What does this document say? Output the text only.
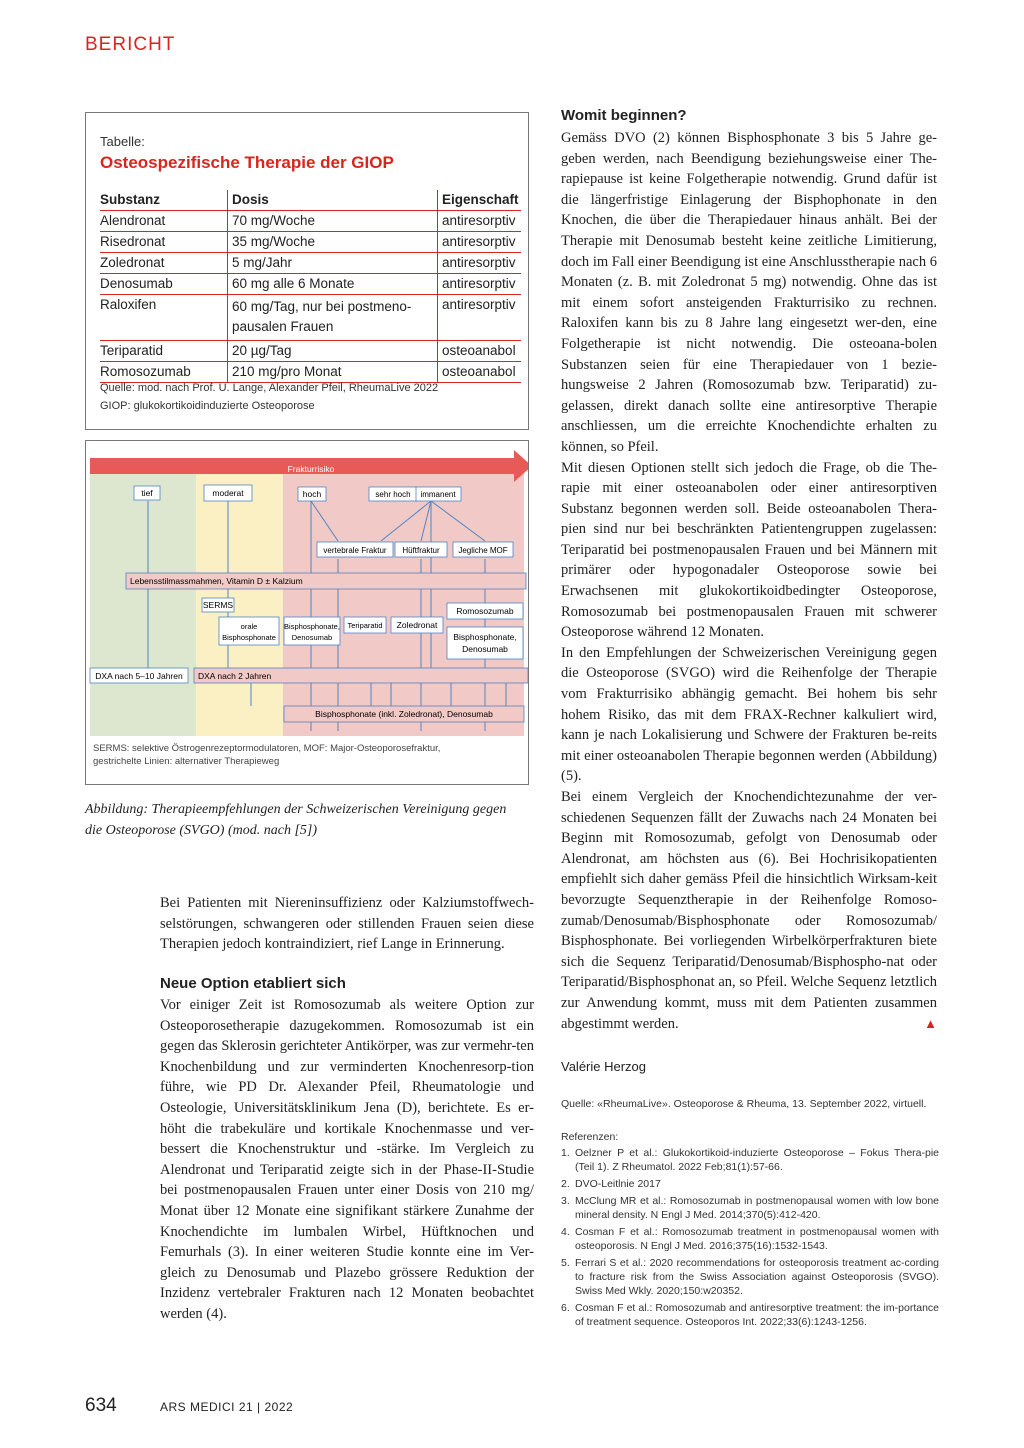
BERICHT
Tabelle:
Osteospezifische Therapie der GIOP
Substanz	Dosis	Eigenschaft
Alendronat	70 mg/Woche	antiresorptiv
Risedronat	35 mg/Woche	antiresorptiv
Zoledronat	5 mg/Jahr	antiresorptiv
Denosumab	60 mg alle 6 Monate	antiresorptiv
Raloxifen	60 mg/Tag, nur bei postmeno-pausalen Frauen	antiresorptiv
Teriparatid	20 µg/Tag	osteoanabol
Romosozumab	210 mg/pro Monat	osteoanabol
Quelle: mod. nach Prof. U. Lange, Alexander Pfeil, RheumaLive 2022
GIOP: glukokortikoidinduzierte Osteoporose
Frakturrisiko
tief	moderat	hoch	sehr hoch immanent
vertebrale Fraktur Hüftfraktur Jegliche MOF
Lebensstilmassmahmen, Vitamin D ± Kalzium
SERMS
orale
Bisphosphonate
Bisphosphonate,
Denosumab
Teriparatid Zoledronat
Romosozumab
Bisphosphonate,
Denosumab
DXA nach 5–10 Jahren DXA nach 2 Jahren
Bisphosphonate (inkl. Zoledronat), Denosumab
SERMS: selektive Östrogenrezeptormodulatoren, MOF: Major-Osteoporosefraktur,
gestrichelte Linien: alternativer Therapieweg
Abbildung: Therapieempfehlungen der Schweizerischen Vereinigung gegen die Osteoporose (SVGO) (mod. nach [5])
Bei Patienten mit Niereninsuffizienz oder Kalziumstoffwech-selstörungen, schwangeren oder stillenden Frauen seien diese Therapien jedoch kontraindiziert, rief Lange in Erinnerung.
Neue Option etabliert sich
Vor einiger Zeit ist Romosozumab als weitere Option zur Osteoporosetherapie dazugekommen. Romosozumab ist ein gegen das Sklerosin gerichteter Antikörper, was zur vermehr-ten Knochenbildung und zur verminderten Knochenresorp-tion führe, wie PD Dr. Alexander Pfeil, Rheumatologie und Osteologie, Universitätsklinikum Jena (D), berichtete. Es er-höht die trabekuläre und kortikale Knochenmasse und ver-bessert die Knochenstruktur und -stärke. Im Vergleich zu Alendronat und Teriparatid zeigte sich in der Phase-II-Studie bei postmenopausalen Frauen unter einer Dosis von 210 mg/ Monat über 12 Monate eine signifikant stärkere Zunahme der Knochendichte im lumbalen Wirbel, Hüftknochen und Femurhals (3). In einer weiteren Studie konnte eine im Ver-gleich zu Denosumab und Plazebo grössere Reduktion der Inzidenz vertebraler Frakturen nach 12 Monaten beobachtet werden (4).
Womit beginnen?

Gemäss DVO (2) können Bisphosphonate 3 bis 5 Jahre ge-geben werden, nach Beendigung beziehungsweise einer The-rapiepause ist keine Folgetherapie notwendig. Grund dafür ist die längerfristige Einlagerung der Bisphophonate in den Knochen, die über die Therapiedauer hinaus anhält. Bei der Therapie mit Denosumab besteht keine zeitliche Limitierung, doch im Fall einer Beendigung ist eine Anschlusstherapie nach 6 Monaten (z. B. mit Zoledronat 5 mg) notwendig. Ohne das ist mit einem sofort ansteigenden Frakturrisiko zu rechnen. Raloxifen kann bis zu 8 Jahre lang eingesetzt wer-den, eine Folgetherapie ist nicht notwendig. Die osteoana-bolen Substanzen seien für eine Therapiedauer von 1 bezie-hungsweise 2 Jahren (Romosozumab bzw. Teriparatid) zu-gelassen, direkt danach sollte eine antiresorptive Therapie anschliessen, um die erreichte Knochendichte erhalten zu können, so Pfeil.

Mit diesen Optionen stellt sich jedoch die Frage, ob die The-rapie mit einer osteoanabolen oder einer antiresorptiven Substanz begonnen werden soll. Beide osteoanabolen Thera-pien sind nur bei beschränkten Patientengruppen zugelassen: Teriparatid bei postmenopausalen Frauen und bei Männern mit primärer oder hypogonadaler Osteoporose sowie bei Erwachsenen mit glukokortikoidbedingter Osteoporose, Romosozumab bei postmenopausalen Frauen mit schwerer Osteoporose während 12 Monaten.

In den Empfehlungen der Schweizerischen Vereinigung gegen die Osteoporose (SVGO) wird die Reihenfolge der Therapie vom Frakturrisiko abhängig gemacht. Bei hohem bis sehr hohem Risiko, das mit dem FRAX-Rechner kalkuliert wird, kann je nach Lokalisierung und Schwere der Frakturen be-reits mit einer osteoanabolen Therapie begonnen werden (Abbildung) (5).

Bei einem Vergleich der Knochendichtezunahme der ver-schiedenen Sequenzen fällt der Zuwachs nach 24 Monaten bei Beginn mit Romosozumab, gefolgt von Denosumab oder Alendronat, am höchsten aus (6). Bei Hochrisikopatienten empfiehlt sich daher gemäss Pfeil die hinsichtlich Wirksam-keit bevorzugte Sequenztherapie in der Reihenfolge Romoso-zumab/Denosumab/Bisphosphonate oder Romosozumab/ Bisphosphonate. Bei vorliegenden Wirbelkörperfrakturen biete sich die Sequenz Teriparatid/Denosumab/Bisphospho-nat oder Teriparatid/Bisphosphonat an, so Pfeil. Welche Sequenz letztlich zur Anwendung kommt, muss mit dem Patienten zusammen abgestimmt werden.	▲

Valérie Herzog
Quelle: «RheumaLive». Osteoporose & Rheuma, 13. September 2022, virtuell.
Referenzen:
1. Oelzner P et al.: Glukokortikoid-induzierte Osteoporose – Fokus Thera-pie (Teil 1). Z Rheumatol. 2022 Feb;81(1):57-66.
2. DVO-Leitlnie 2017
3. McClung MR et al.: Romosozumab in postmenopausal women with low bone mineral density. N Engl J Med. 2014;370(5):412-420.
4. Cosman F et al.: Romosozumab treatment in postmenopausal women with osteoporosis. N Engl J Med. 2016;375(16):1532-1543.
5. Ferrari S et al.: 2020 recommendations for osteoporosis treatment ac-cording to fracture risk from the Swiss Association against Osteoporosis (SVGO). Swiss Med Wkly. 2020;150:w20352.
6. Cosman F et al.: Romosozumab and antiresorptive treatment: the im-portance of treatment sequence. Osteoporos Int. 2022;33(6):1243-1256.
634	ARS MEDICI 21 | 2022
